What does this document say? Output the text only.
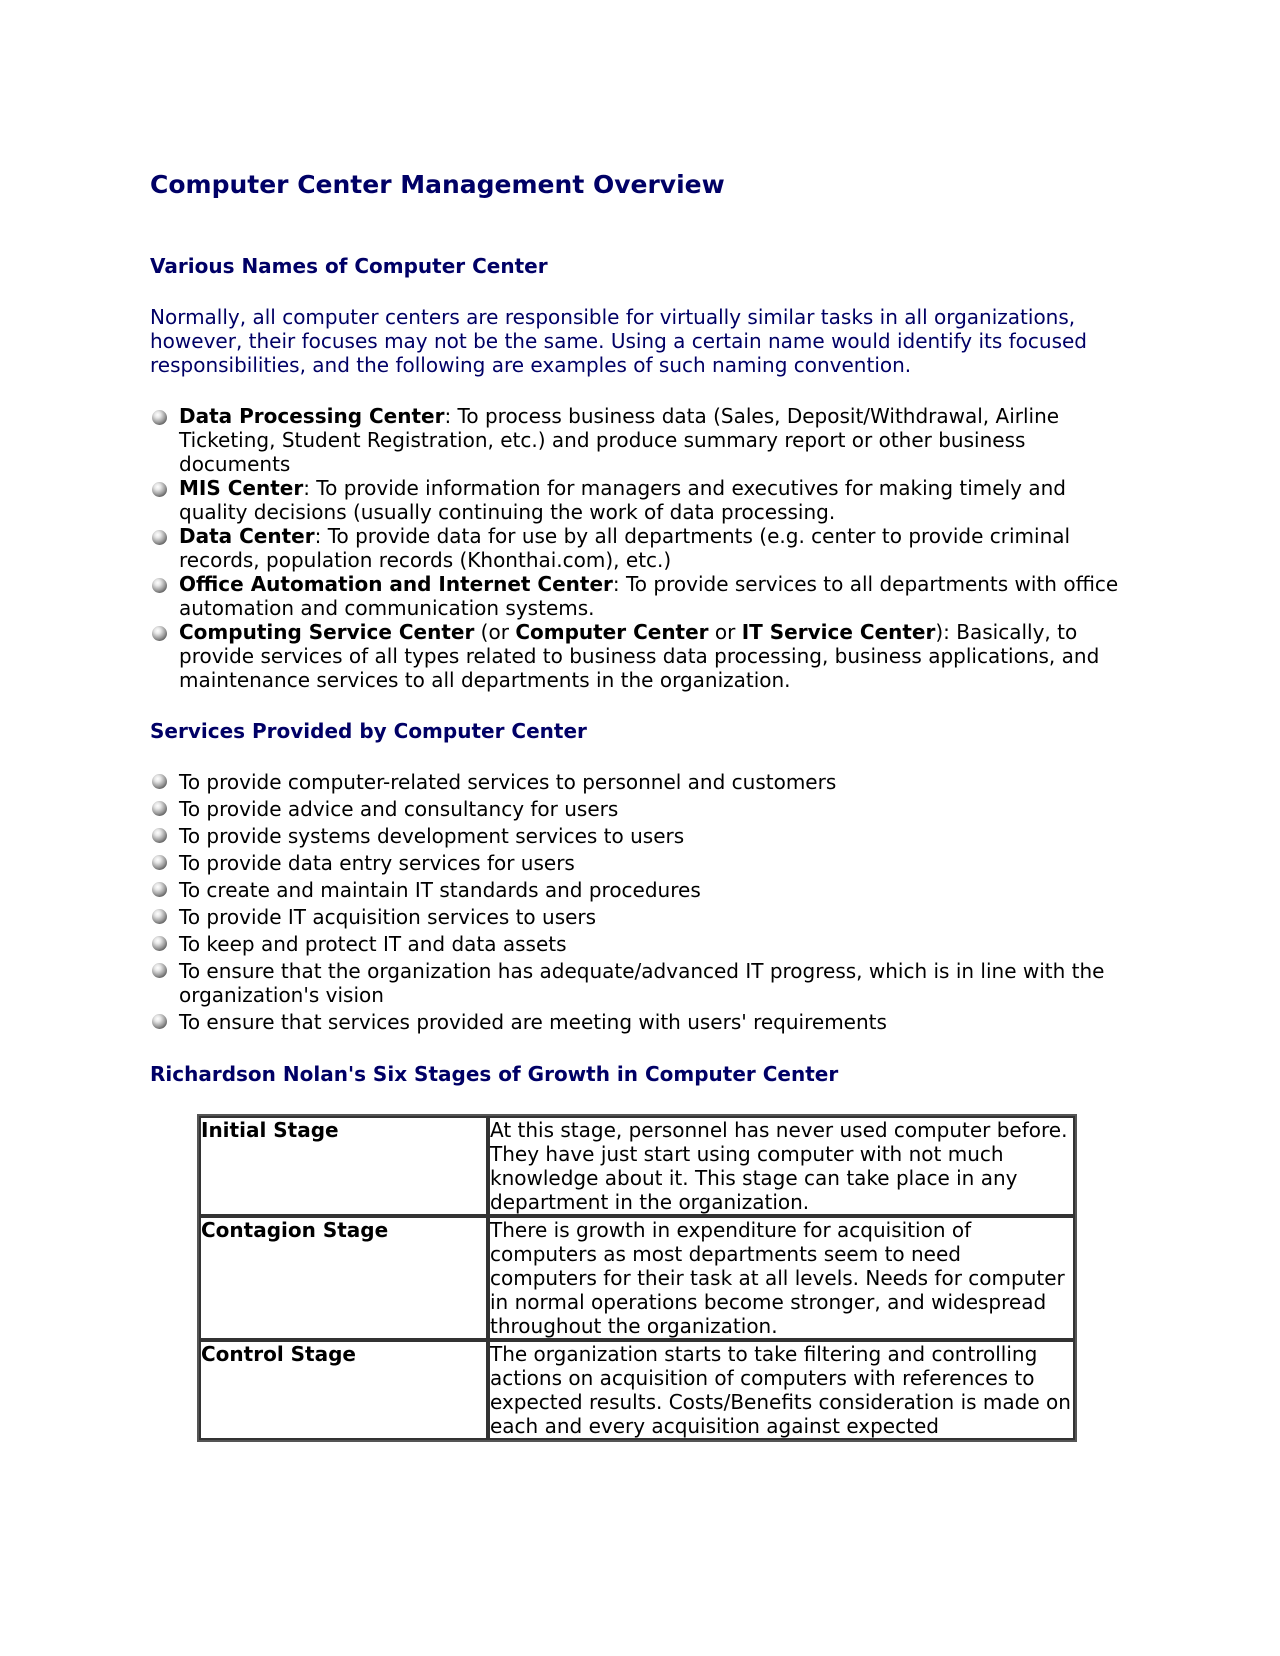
Computer Center Management Overview
Various Names of Computer Center

Normally, all computer centers are responsible for virtually similar tasks in all organizations, however, their focuses may not be the same. Using a certain name would identify its focused responsibilities, and the following are examples of such naming convention.

Data Processing Center: To process business data (Sales, Deposit/Withdrawal, Airline Ticketing, Student Registration, etc.) and produce summary report or other business documents
MIS Center: To provide information for managers and executives for making timely and quality decisions (usually continuing the work of data processing.
Data Center: To provide data for use by all departments (e.g. center to provide criminal records, population records (Khonthai.com), etc.)
Office Automation and Internet Center: To provide services to all departments with office automation and communication systems.
Computing Service Center (or Computer Center or IT Service Center): Basically, to provide services of all types related to business data processing, business applications, and maintenance services to all departments in the organization.
Services Provided by Computer Center
To provide computer-related services to personnel and customers
To provide advice and consultancy for users
To provide systems development services to users
To provide data entry services for users
To create and maintain IT standards and procedures
To provide IT acquisition services to users
To keep and protect IT and data assets
To ensure that the organization has adequate/advanced IT progress, which is in line with the organization's vision
To ensure that services provided are meeting with users' requirements
Richardson Nolan's Six Stages of Growth in Computer Center
Initial Stage	At this stage, personnel has never used computer before. They have just start using computer with not much knowledge about it. This stage can take place in any department in the organization.
Contagion Stage	There is growth in expenditure for acquisition of computers as most departments seem to need computers for their task at all levels. Needs for computer in normal operations become stronger, and widespread throughout the organization.
Control Stage	The organization starts to take filtering and controlling actions on acquisition of computers with references to expected results. Costs/Benefits consideration is made on each and every acquisition against expected
